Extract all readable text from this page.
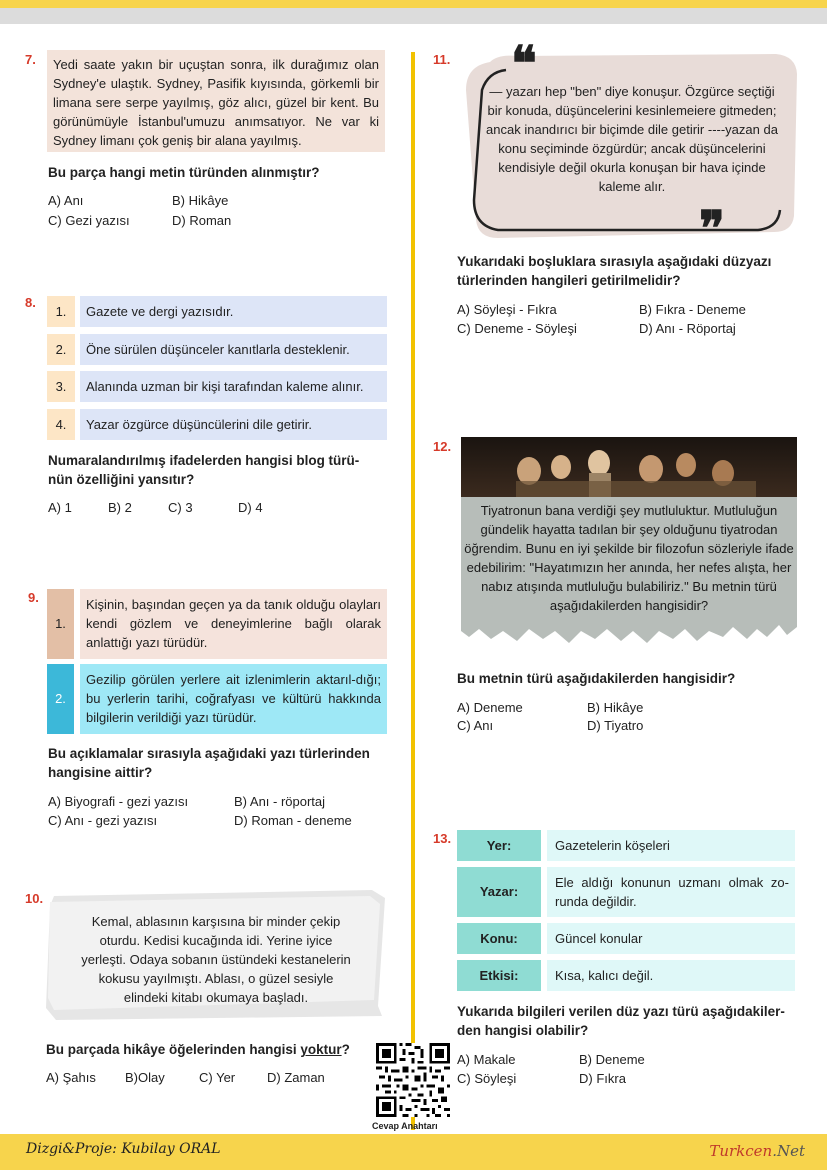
7. Yedi saate yakın bir uçuştan sonra, ilk durağımız olan Sydney'e ulaştık. Sydney, Pasifik kıyısında, görkemli bir limana sere serpe yayılmış, göz alıcı, güzel bir kent. Bu görünümüyle İstanbul'umuzu anımsatıyor. Ne var ki Sydney limanı çok geniş bir alana yayılmış.
Bu parça hangi metin türünden alınmıştır?
A) Anı	B) Hikâye
C) Gezi yazısı	D) Roman
8.
1.	Gazete ve dergi yazısıdır.
2.	Öne sürülen düşünceler kanıtlarla desteklenir.
3.	Alanında uzman bir kişi tarafından kaleme alınır.
4.	Yazar özgürce düşüncülerini dile getirir.
Numaralandırılmış ifadelerden hangisi blog türü-
nün özelliğini yansıtır?
A) 1	B) 2	C) 3	D) 4
9.
1.
Kişinin, başından geçen ya da tanık olduğu olayları kendi gözlem ve deneyimlerine bağlı olarak anlattığı yazı türüdür.
2.
Gezilip görülen yerlere ait izlenimlerin aktarıl-dığı; bu yerlerin tarihi, coğrafyası ve kültürü hakkında bilgilerin verildiği yazı türüdür.
Bu açıklamalar sırasıyla aşağıdaki yazı türlerinden
hangisine aittir?
A) Biyografi - gezi yazısı	B) Anı - röportaj
C) Anı - gezi yazısı	D) Roman - deneme
10.
Kemal, ablasının karşısına bir minder çekip oturdu. Kedisi kucağında idi. Yerine iyice yerleşti. Odaya sobanın üstündeki kestanelerin kokusu yayılmıştı. Ablası, o güzel sesiyle elindeki kitabı okumaya başladı.
Bu parçada hikâye öğelerinden hangisi yoktur?
A) Şahıs B)Olay	C) Yer D) Zaman
Cevap Anahtarı
11. ❝
— yazarı hep "ben" diye konuşur. Özgürce seçtiği bir konuda, düşüncelerini kesinlemeiere gitmeden; ancak inandırıcı bir biçimde dile getirir ----yazan da konu seçiminde özgürdür; ancak düşüncelerini kendisiyle değil okurla konuşan bir hava içinde kaleme alır.
❞
Yukarıdaki boşluklara sırasıyla aşağıdaki düzyazı
türlerinden hangileri getirilmelidir?
A) Söyleşi - Fıkra	B) Fıkra - Deneme
C) Deneme - Söyleşi	D) Anı - Röportaj
12.
Tiyatronun bana verdiği şey mutluluktur. Mutluluğun gündelik hayatta tadılan bir şey olduğunu tiyatrodan öğrendim. Bunu en iyi şekilde bir filozofun sözleriyle ifade edebilirim: "Hayatımızın her anında, her nefes alışta, her nabız atışında mutluluğu bulabiliriz." Bu metnin türü aşağıdakilerden hangisidir?
Bu metnin türü aşağıdakilerden hangisidir?
A) Deneme	B) Hikâye
C) Anı	D) Tiyatro
13.	Yer:	Gazetelerin köşeleri
Yazar:
Ele aldığı konunun uzmanı olmak zo-runda değildir.
Konu:	Güncel konular
Etkisi:	Kısa, kalıcı değil.
Yukarıda bilgileri verilen düz yazı türü aşağıdakiler-
den hangisi olabilir?
A) Makale	B) Deneme
C) Söyleşi	D) Fıkra
Dizgi&Proje: Kubilay ORAL	Turkcen.Net
